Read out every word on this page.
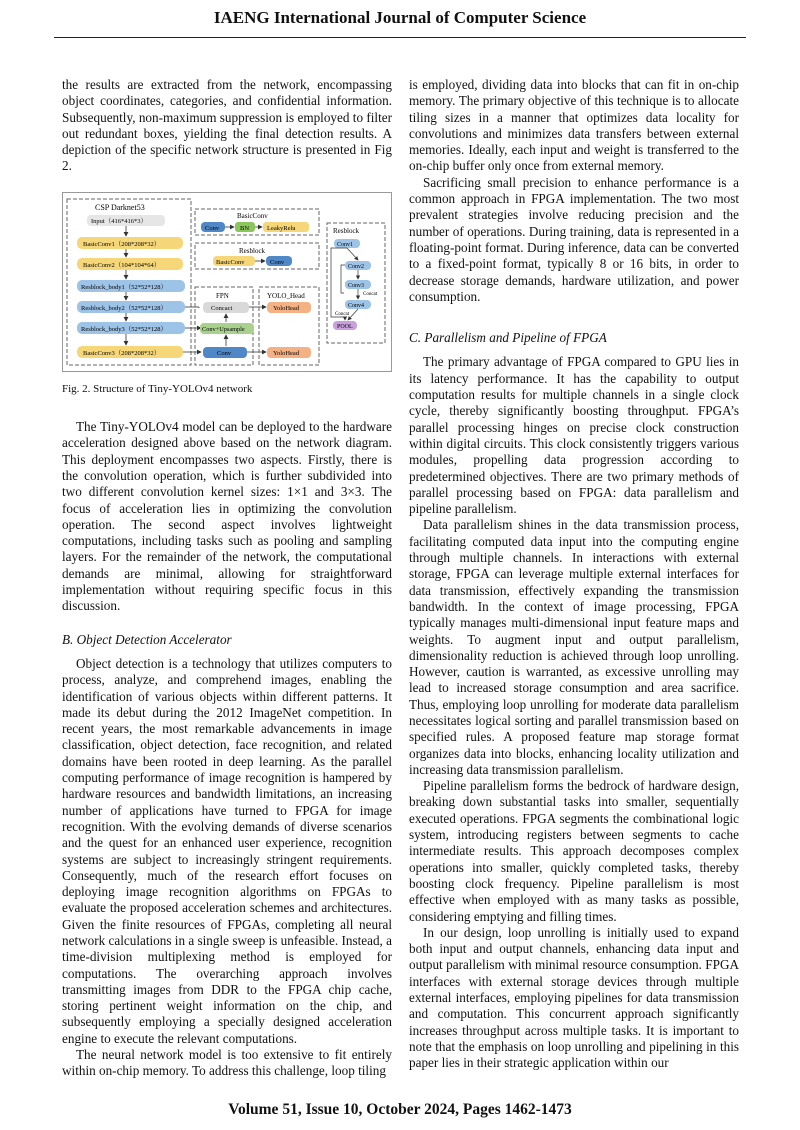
IAENG International Journal of Computer Science

the results are extracted from the network, encompassing object coordinates, categories, and confidential information. Subsequently, non-maximum suppression is employed to filter out redundant boxes, yielding the final detection results. A depiction of the specific network structure is presented in Fig 2.

CSP Darknet53
Input（416*416*3）
BasicConv1（208*208*32）
BasicConv2（104*104*64）
Resblock_body1（52*52*128）
Resblock_body2（52*52*128）
Resblock_body3（52*52*128）
BasicConv3（208*208*32）
BasicConv
Conv	BN	LeakyRelu
Resblock
BasicConv	Conv
FPN
Concact
Conv+Upsample
Conv
YOLO_Head
YoloHead
YoloHead
Resblock
Conv1
Conv2
Conv3
Concat
Conv4
Concat
POOL
Fig. 2. Structure of Tiny-YOLOv4 network

The Tiny-YOLOv4 model can be deployed to the hardware acceleration designed above based on the network diagram. This deployment encompasses two aspects. Firstly, there is the convolution operation, which is further subdivided into two different convolution kernel sizes: 1×1 and 3×3. The focus of acceleration lies in optimizing the convolution operation. The second aspect involves lightweight computations, including tasks such as pooling and sampling layers. For the remainder of the network, the computational demands are minimal, allowing for straightforward implementation without requiring specific focus in this discussion.

B. Object Detection Accelerator

Object detection is a technology that utilizes computers to process, analyze, and comprehend images, enabling the identification of various objects within different patterns. It made its debut during the 2012 ImageNet competition. In recent years, the most remarkable advancements in image classification, object detection, face recognition, and related domains have been rooted in deep learning. As the parallel computing performance of image recognition is hampered by hardware resources and bandwidth limitations, an increasing number of applications have turned to FPGA for image recognition. With the evolving demands of diverse scenarios and the quest for an enhanced user experience, recognition systems are subject to increasingly stringent requirements. Consequently, much of the research effort focuses on deploying image recognition algorithms on FPGAs to evaluate the proposed acceleration schemes and architectures. Given the finite resources of FPGAs, completing all neural network calculations in a single sweep is unfeasible. Instead, a time-division multiplexing method is employed for computations. The overarching approach involves transmitting images from DDR to the FPGA chip cache, storing pertinent weight information on the chip, and subsequently employing a specially designed acceleration engine to execute the relevant computations.

The neural network model is too extensive to fit entirely within on-chip memory. To address this challenge, loop tiling

is employed, dividing data into blocks that can fit in on-chip memory. The primary objective of this technique is to allocate tiling sizes in a manner that optimizes data locality for convolutions and minimizes data transfers between external memories. Ideally, each input and weight is transferred to the on-chip buffer only once from external memory.

Sacrificing small precision to enhance performance is a common approach in FPGA implementation. The two most prevalent strategies involve reducing precision and the number of operations. During training, data is represented in a floating-point format. During inference, data can be converted to a fixed-point format, typically 8 or 16 bits, in order to decrease storage demands, hardware utilization, and power consumption.

C. Parallelism and Pipeline of FPGA

The primary advantage of FPGA compared to GPU lies in its latency performance. It has the capability to output computation results for multiple channels in a single clock cycle, thereby significantly boosting throughput. FPGA’s parallel processing hinges on precise clock construction within digital circuits. This clock consistently triggers various modules, propelling data progression according to predetermined objectives. There are two primary methods of parallel processing based on FPGA: data parallelism and pipeline parallelism.

Data parallelism shines in the data transmission process, facilitating computed data input into the computing engine through multiple channels. In interactions with external storage, FPGA can leverage multiple external interfaces for data transmission, effectively expanding the transmission bandwidth. In the context of image processing, FPGA typically manages multi-dimensional input feature maps and weights. To augment input and output parallelism, dimensionality reduction is achieved through loop unrolling. However, caution is warranted, as excessive unrolling may lead to increased storage consumption and area sacrifice. Thus, employing loop unrolling for moderate data parallelism necessitates logical sorting and parallel transmission based on specified rules. A proposed feature map storage format organizes data into blocks, enhancing locality utilization and increasing data transmission parallelism.

Pipeline parallelism forms the bedrock of hardware design, breaking down substantial tasks into smaller, sequentially executed operations. FPGA segments the combinational logic system, introducing registers between segments to cache intermediate results. This approach decomposes complex operations into smaller, quickly completed tasks, thereby boosting clock frequency. Pipeline parallelism is most effective when employed with as many tasks as possible, considering emptying and filling times.

In our design, loop unrolling is initially used to expand both input and output channels, enhancing data input and output parallelism with minimal resource consumption. FPGA interfaces with external storage devices through multiple external interfaces, employing pipelines for data transmission and computation. This concurrent approach significantly increases throughput across multiple tasks. It is important to note that the emphasis on loop unrolling and pipelining in this paper lies in their strategic application within our

Volume 51, Issue 10, October 2024, Pages 1462-1473
